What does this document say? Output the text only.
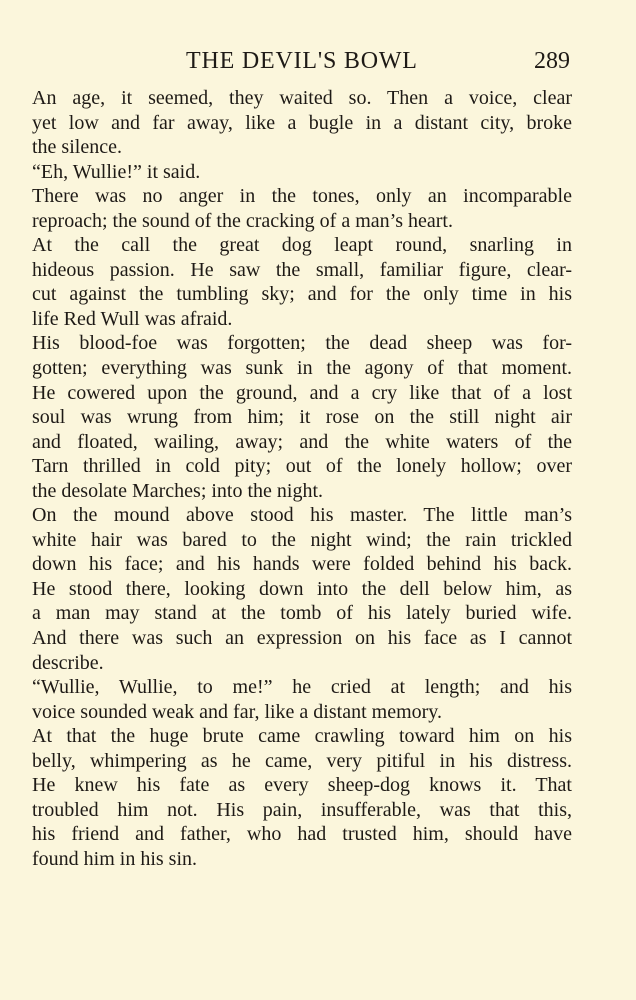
THE DEVIL'S BOWL	289
An age, it seemed, they waited so. Then a voice, clear
yet low and far away, like a bugle in a distant city, broke
the silence.
“Eh, Wullie!” it said.
There was no anger in the tones, only an incomparable
reproach; the sound of the cracking of a man’s heart.
At the call the great dog leapt round, snarling in
hideous passion. He saw the small, familiar figure, clear-
cut against the tumbling sky; and for the only time in his
life Red Wull was afraid.
His blood-foe was forgotten; the dead sheep was for-
gotten; everything was sunk in the agony of that moment.
He cowered upon the ground, and a cry like that of a lost
soul was wrung from him; it rose on the still night air
and floated, wailing, away; and the white waters of the
Tarn thrilled in cold pity; out of the lonely hollow; over
the desolate Marches; into the night.
On the mound above stood his master. The little man’s
white hair was bared to the night wind; the rain trickled
down his face; and his hands were folded behind his back.
He stood there, looking down into the dell below him, as
a man may stand at the tomb of his lately buried wife.
And there was such an expression on his face as I cannot
describe.
“Wullie, Wullie, to me!” he cried at length; and his
voice sounded weak and far, like a distant memory.
At that the huge brute came crawling toward him on his
belly, whimpering as he came, very pitiful in his distress.
He knew his fate as every sheep-dog knows it. That
troubled him not. His pain, insufferable, was that this,
his friend and father, who had trusted him, should have
found him in his sin.
